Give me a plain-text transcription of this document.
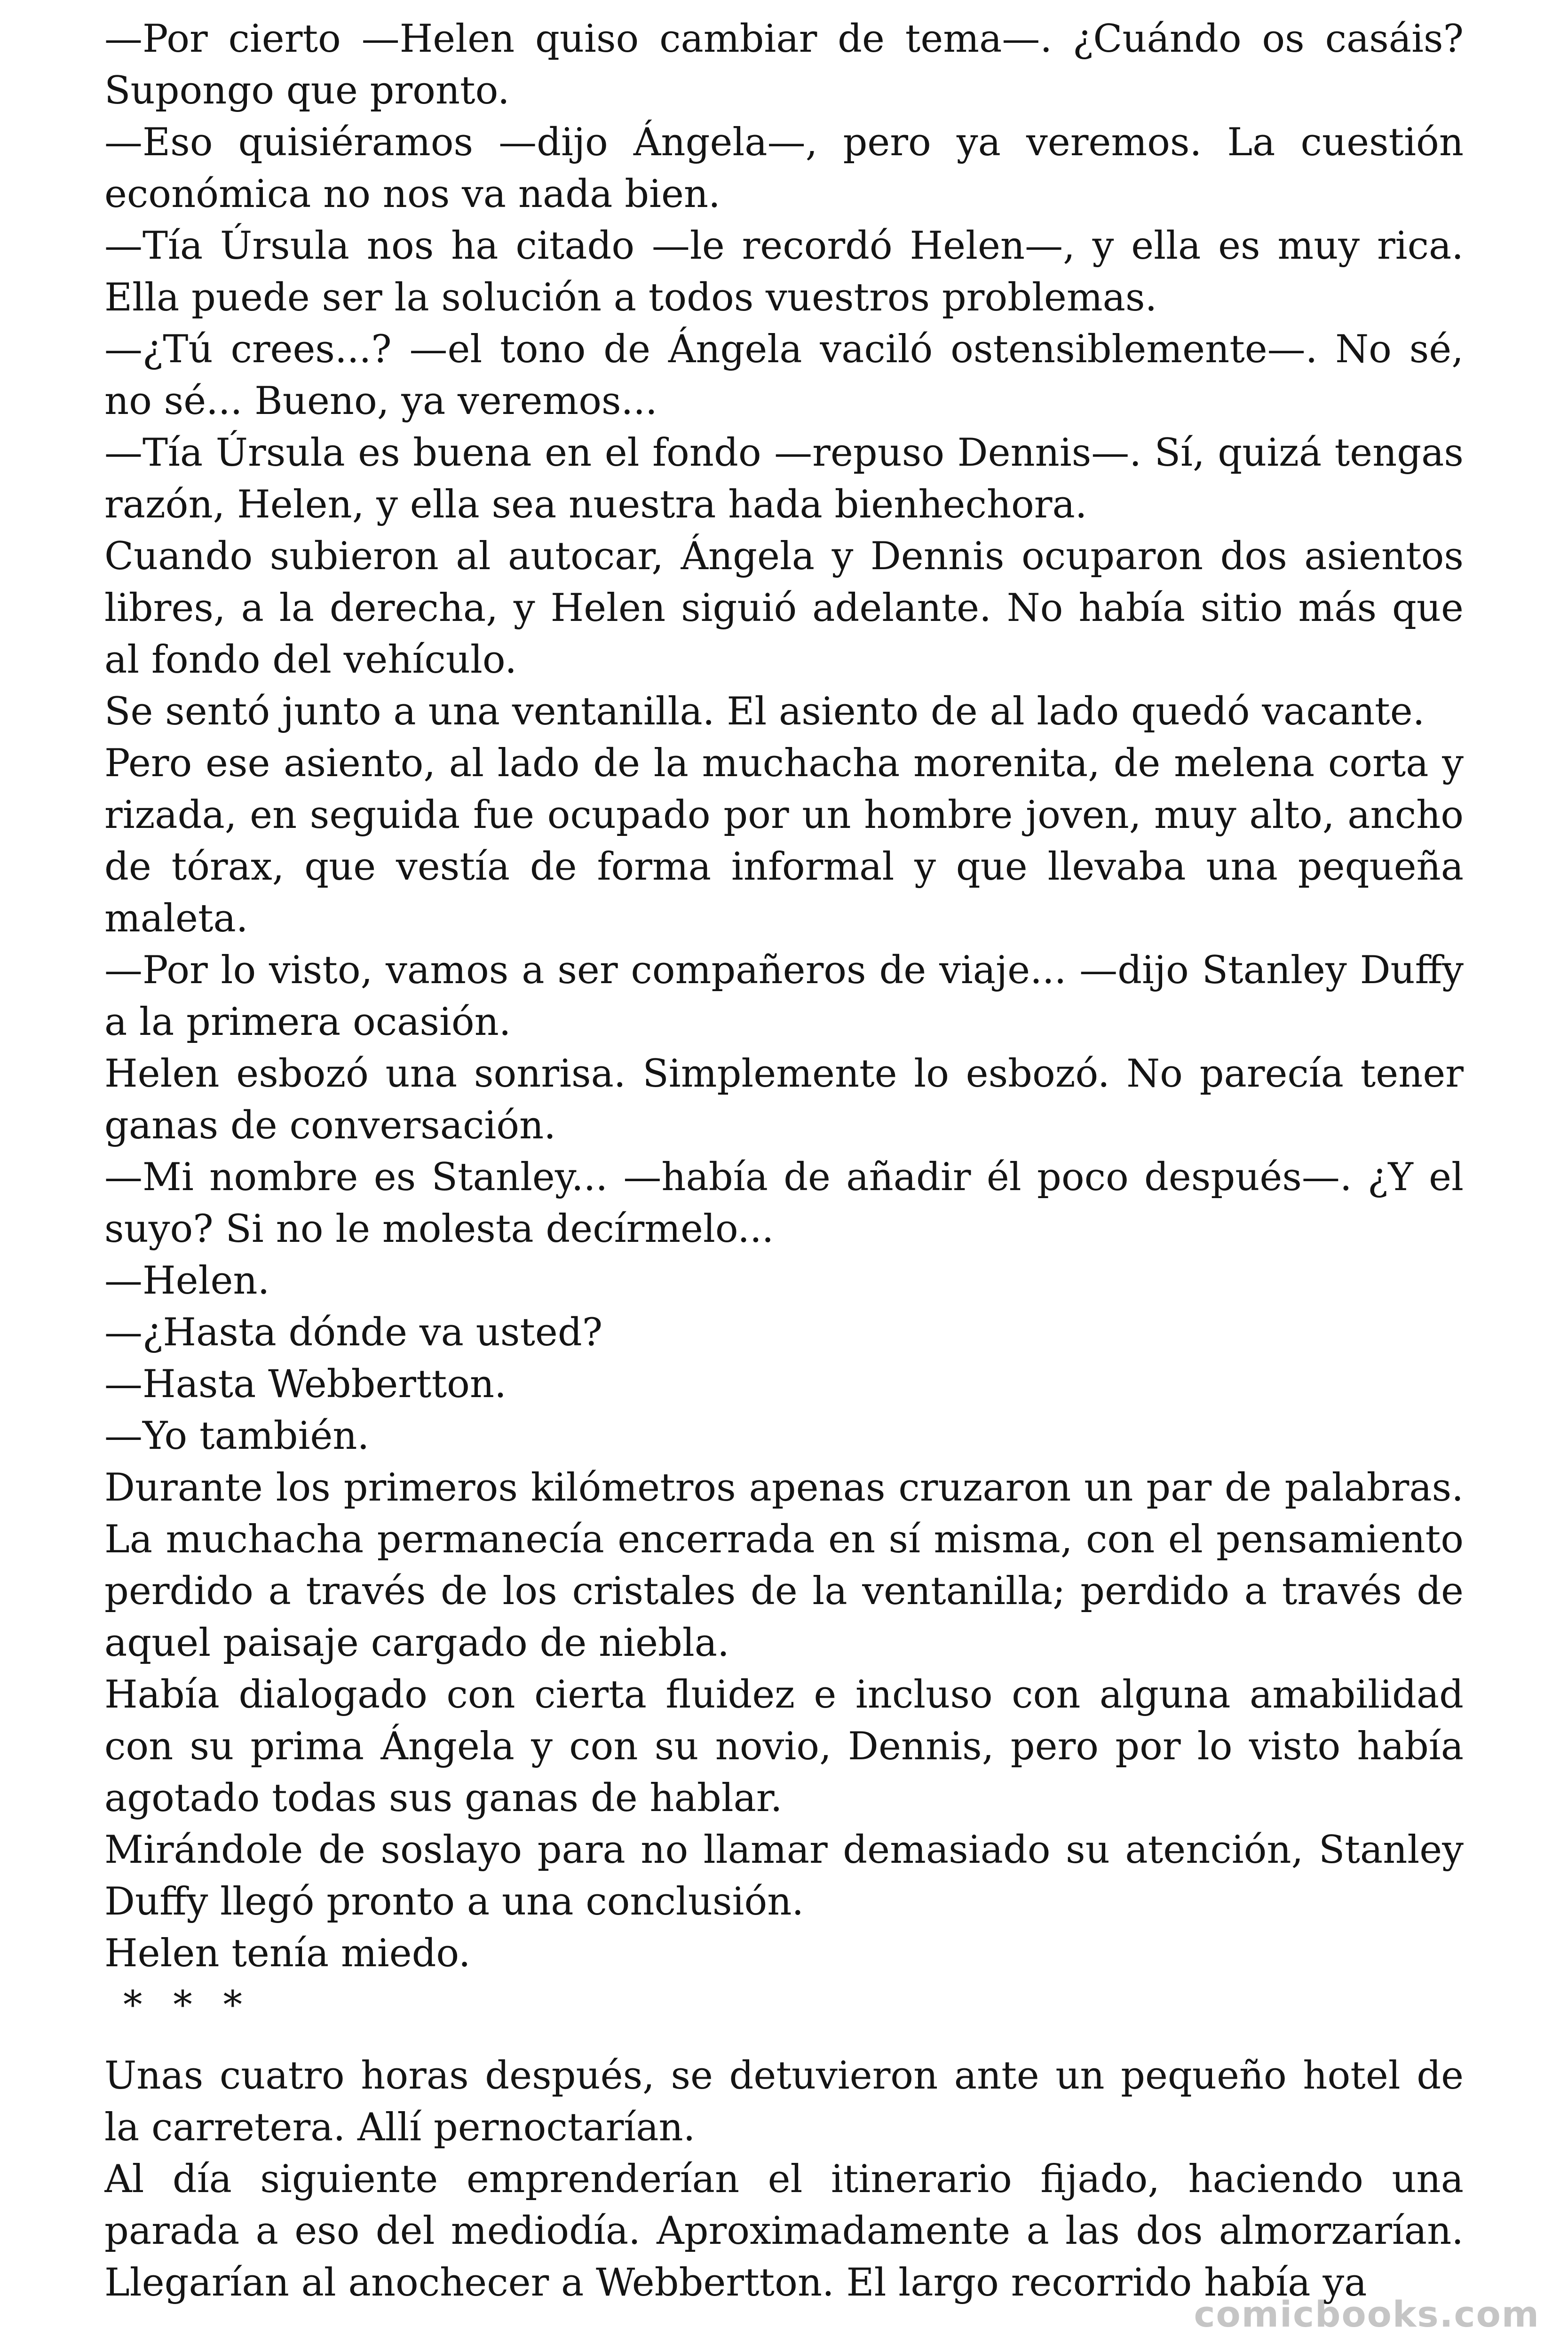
—Por cierto —Helen quiso cambiar de tema—. ¿Cuándo os casáis? Supongo que pronto.

—Eso quisiéramos —dijo Ángela—, pero ya veremos. La cuestión económica no nos va nada bien.

—Tía Úrsula nos ha citado —le recordó Helen—, y ella es muy rica. Ella puede ser la solución a todos vuestros problemas.

—¿Tú crees...? —el tono de Ángela vaciló ostensiblemente—. No sé, no sé... Bueno, ya veremos...

—Tía Úrsula es buena en el fondo —repuso Dennis—. Sí, quizá tengas razón, Helen, y ella sea nuestra hada bienhechora.

Cuando subieron al autocar, Ángela y Dennis ocuparon dos asientos libres, a la derecha, y Helen siguió adelante. No había sitio más que al fondo del vehículo.

Se sentó junto a una ventanilla. El asiento de al lado quedó vacante.

Pero ese asiento, al lado de la muchacha morenita, de melena corta y rizada, en seguida fue ocupado por un hombre joven, muy alto, ancho de tórax, que vestía de forma informal y que llevaba una pequeña maleta.

—Por lo visto, vamos a ser compañeros de viaje... —dijo Stanley Duffy a la primera ocasión.

Helen esbozó una sonrisa. Simplemente lo esbozó. No parecía tener ganas de conversación.

—Mi nombre es Stanley... —había de añadir él poco después—. ¿Y el suyo? Si no le molesta decírmelo...

—Helen.

—¿Hasta dónde va usted?

—Hasta Webbertton.

—Yo también.

Durante los primeros kilómetros apenas cruzaron un par de palabras. La muchacha permanecía encerrada en sí misma, con el pensamiento perdido a través de los cristales de la ventanilla; perdido a través de aquel paisaje cargado de niebla.

Había dialogado con cierta fluidez e incluso con alguna amabilidad con su prima Ángela y con su novio, Dennis, pero por lo visto había agotado todas sus ganas de hablar.

Mirándole de soslayo para no llamar demasiado su atención, Stanley Duffy llegó pronto a una conclusión.

Helen tenía miedo.

* * *

Unas cuatro horas después, se detuvieron ante un pequeño hotel de la carretera. Allí pernoctarían.

Al día siguiente emprenderían el itinerario fijado, haciendo una parada a eso del mediodía. Aproximadamente a las dos almorzarían. Llegarían al anochecer a Webbertton. El largo recorrido había ya

comicbooks.com
